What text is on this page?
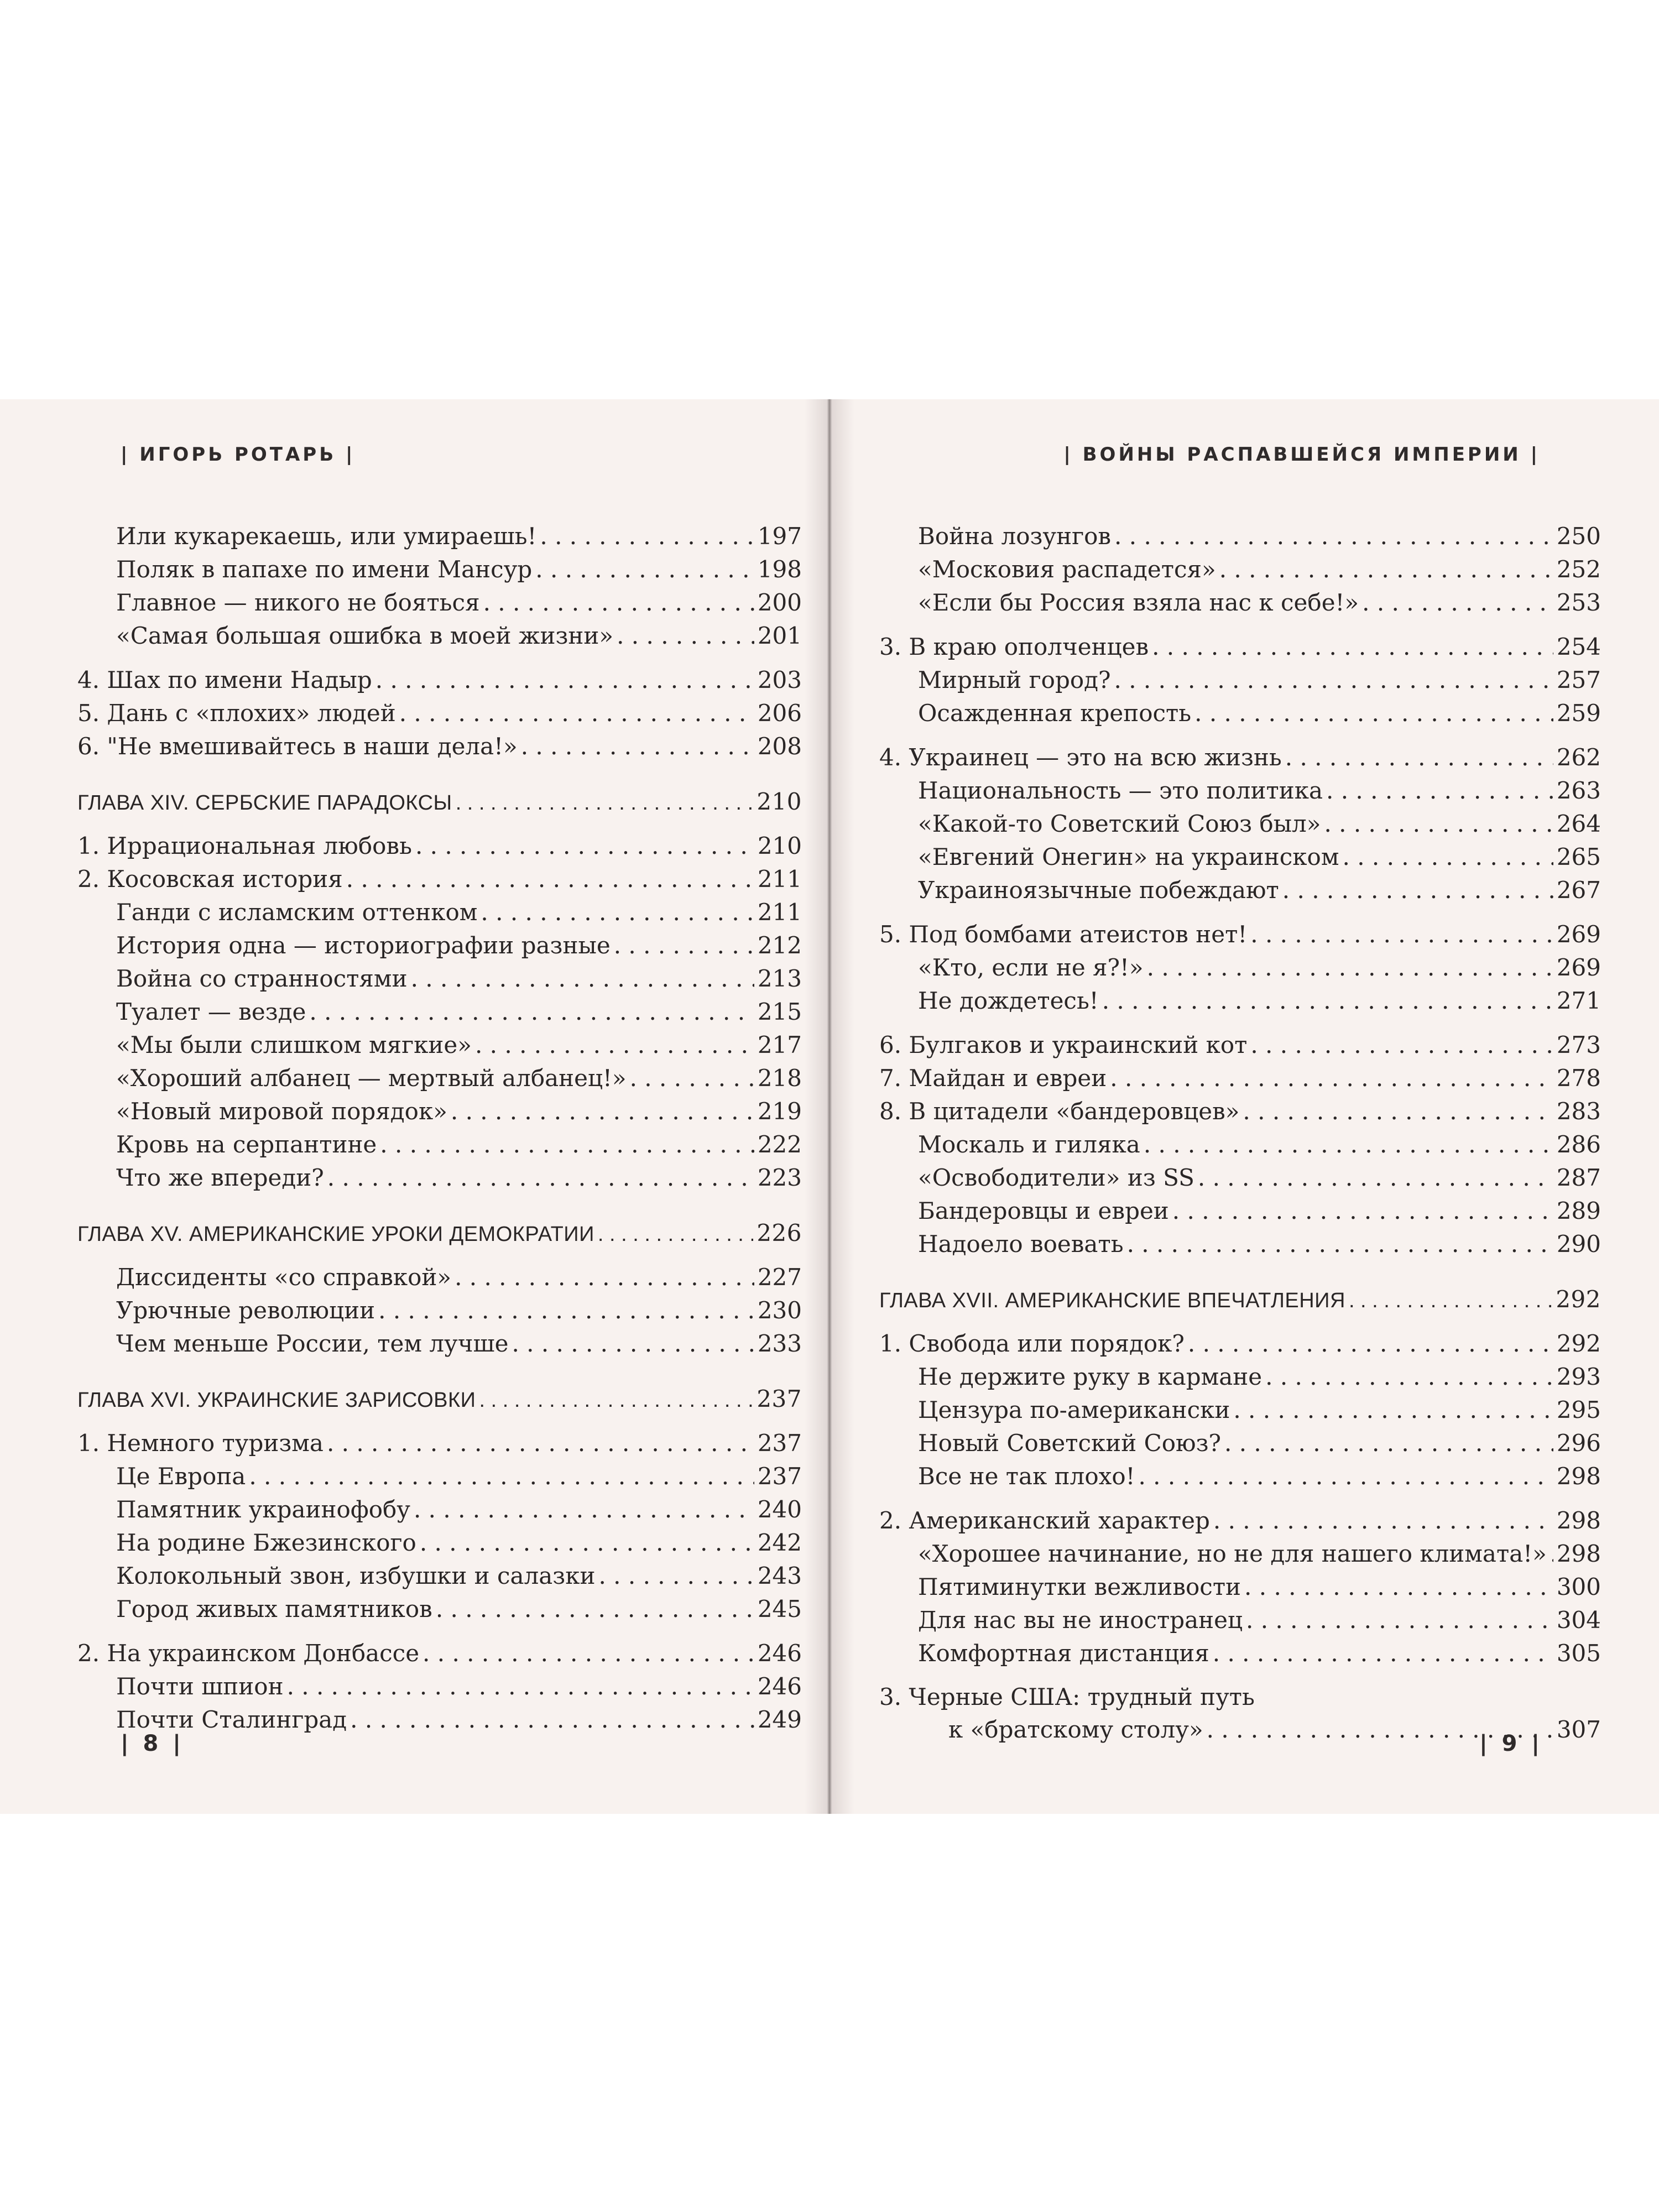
| ИГОРЬ РОТАРЬ |
Или кукарекаешь, или умираешь! . . .	197
Поляк в папахе по имени Мансур . . .	198
Главное — никого не бояться . . .	200
«Самая большая ошибка в моей жизни» . . .	201
4. Шах по имени Надыр . . .	203
5. Дань с «плохих» людей . . .	206
6. "Не вмешивайтесь в наши дела!» . . .	208
ГЛАВА XIV. СЕРБСКИЕ ПАРАДОКСЫ . . .	210
1. Иррациональная любовь . . .	210
2. Косовская история . . .	211
Ганди с исламским оттенком . . .	211
История одна — историографии разные . . .	212
Война со странностями . . .	213
Туалет — везде . . .	215
«Мы были слишком мягкие» . . .	217
«Хороший албанец — мертвый албанец!» . . .	218
«Новый мировой порядок» . . .	219
Кровь на серпантине . . .	222
Что же впереди? . . .	223
ГЛАВА XV. АМЕРИКАНСКИЕ УРОКИ ДЕМОКРАТИИ . . .	226
Диссиденты «со справкой» . . .	227
Урючные революции . . .	230
Чем меньше России, тем лучше . . .	233
ГЛАВА XVI. УКРАИНСКИЕ ЗАРИСОВКИ . . .	237
1. Немного туризма . . .	237
Це Европа . . .	237
Памятник украинофобу . . .	240
На родине Бжезинского . . .	242
Колокольный звон, избушки и салазки . . .	243
Город живых памятников . . .	245
2. На украинском Донбассе . . .	246
Почти шпион . . .	246
Почти Сталинград . . .	249
| 8 |
| ВОЙНЫ РАСПАВШЕЙСЯ ИМПЕРИИ |
Война лозунгов . . .	250
«Московия распадется» . . .	252
«Если бы Россия взяла нас к себе!» . . .	253
3. В краю ополченцев . . .	254
Мирный город? . . .	257
Осажденная крепость . . .	259
4. Украинец — это на всю жизнь . . .	262
Национальность — это политика . . .	263
«Какой-то Советский Союз был» . . .	264
«Евгений Онегин» на украинском . . .	265
Украиноязычные побеждают . . .	267
5. Под бомбами атеистов нет! . . .	269
«Кто, если не я?!» . . .	269
Не дождетесь! . . .	271
6. Булгаков и украинский кот . . .	273
7. Майдан и евреи . . .	278
8. В цитадели «бандеровцев» . . .	283
Москаль и гиляка . . .	286
«Освободители» из SS . . .	287
Бандеровцы и евреи . . .	289
Надоело воевать . . .	290
ГЛАВА XVII. АМЕРИКАНСКИЕ ВПЕЧАТЛЕНИЯ . . .	292
1. Свобода или порядок? . . .	292
Не держите руку в кармане . . .	293
Цензура по-американски . . .	295
Новый Советский Союз? . . .	296
Все не так плохо! . . .	298
2. Американский характер . . .	298
«Хорошее начинание, но не для нашего климата!» . . . 298
Пятиминутки вежливости . . .	300
Для нас вы не иностранец . . .	304
Комфортная дистанция . . .	305
3. Черные США: трудный путь
к «братскому столу» . . .	307
| 9 |
